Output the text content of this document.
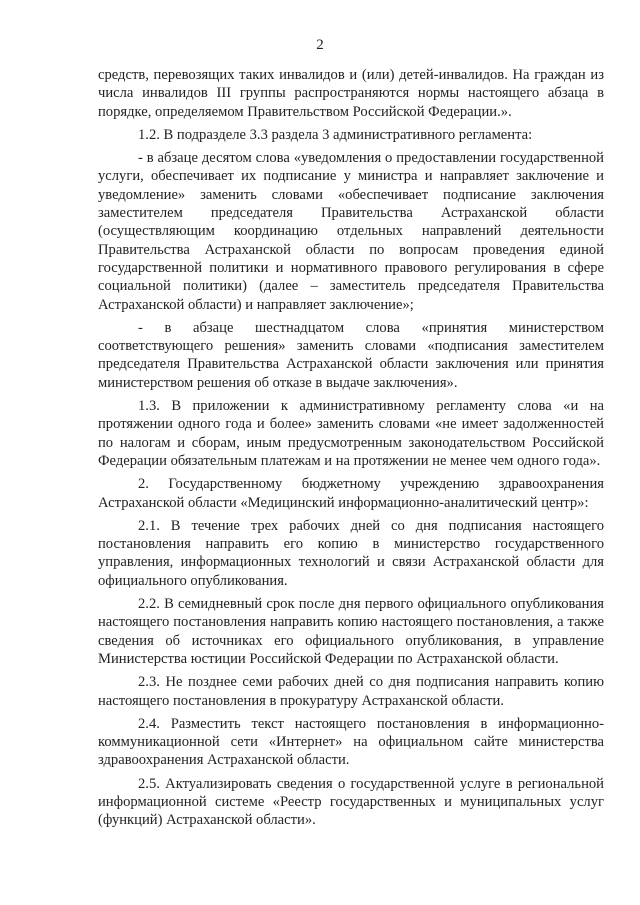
2

средств, перевозящих таких инвалидов и (или) детей-инвалидов. На граждан из числа инвалидов III группы распространяются нормы настоящего абзаца в порядке, определяемом Правительством Российской Федерации.».

1.2. В подразделе 3.3 раздела 3 административного регламента:

- в абзаце десятом слова «уведомления о предоставлении государственной услуги, обеспечивает их подписание у министра и направляет заключение и уведомление» заменить словами «обеспечивает подписание заключения заместителем председателя Правительства Астраханской области (осуществляющим координацию отдельных направлений деятельности Правительства Астраханской области по вопросам проведения единой государственной политики и нормативного правового регулирования в сфере социальной политики) (далее – заместитель председателя Правительства Астраханской области) и направляет заключение»;

- в абзаце шестнадцатом слова «принятия министерством соответствующего решения» заменить словами «подписания заместителем председателя Правительства Астраханской области заключения или принятия министерством решения об отказе в выдаче заключения».

1.3. В приложении к административному регламенту слова «и на протяжении одного года и более» заменить словами «не имеет задолженностей по налогам и сборам, иным предусмотренным законодательством Российской Федерации обязательным платежам и на протяжении не менее чем одного года».

2. Государственному бюджетному учреждению здравоохранения Астраханской области «Медицинский информационно-аналитический центр»:

2.1. В течение трех рабочих дней со дня подписания настоящего постановления направить его копию в министерство государственного управления, информационных технологий и связи Астраханской области для официального опубликования.

2.2. В семидневный срок после дня первого официального опубликования настоящего постановления направить копию настоящего постановления, а также сведения об источниках его официального опубликования, в управление Министерства юстиции Российской Федерации по Астраханской области.

2.3. Не позднее семи рабочих дней со дня подписания направить копию настоящего постановления в прокуратуру Астраханской области.

2.4. Разместить текст настоящего постановления в информационно-коммуникационной сети «Интернет» на официальном сайте министерства здравоохранения Астраханской области.

2.5. Актуализировать сведения о государственной услуге в региональной информационной системе «Реестр государственных и муниципальных услуг (функций) Астраханской области».
